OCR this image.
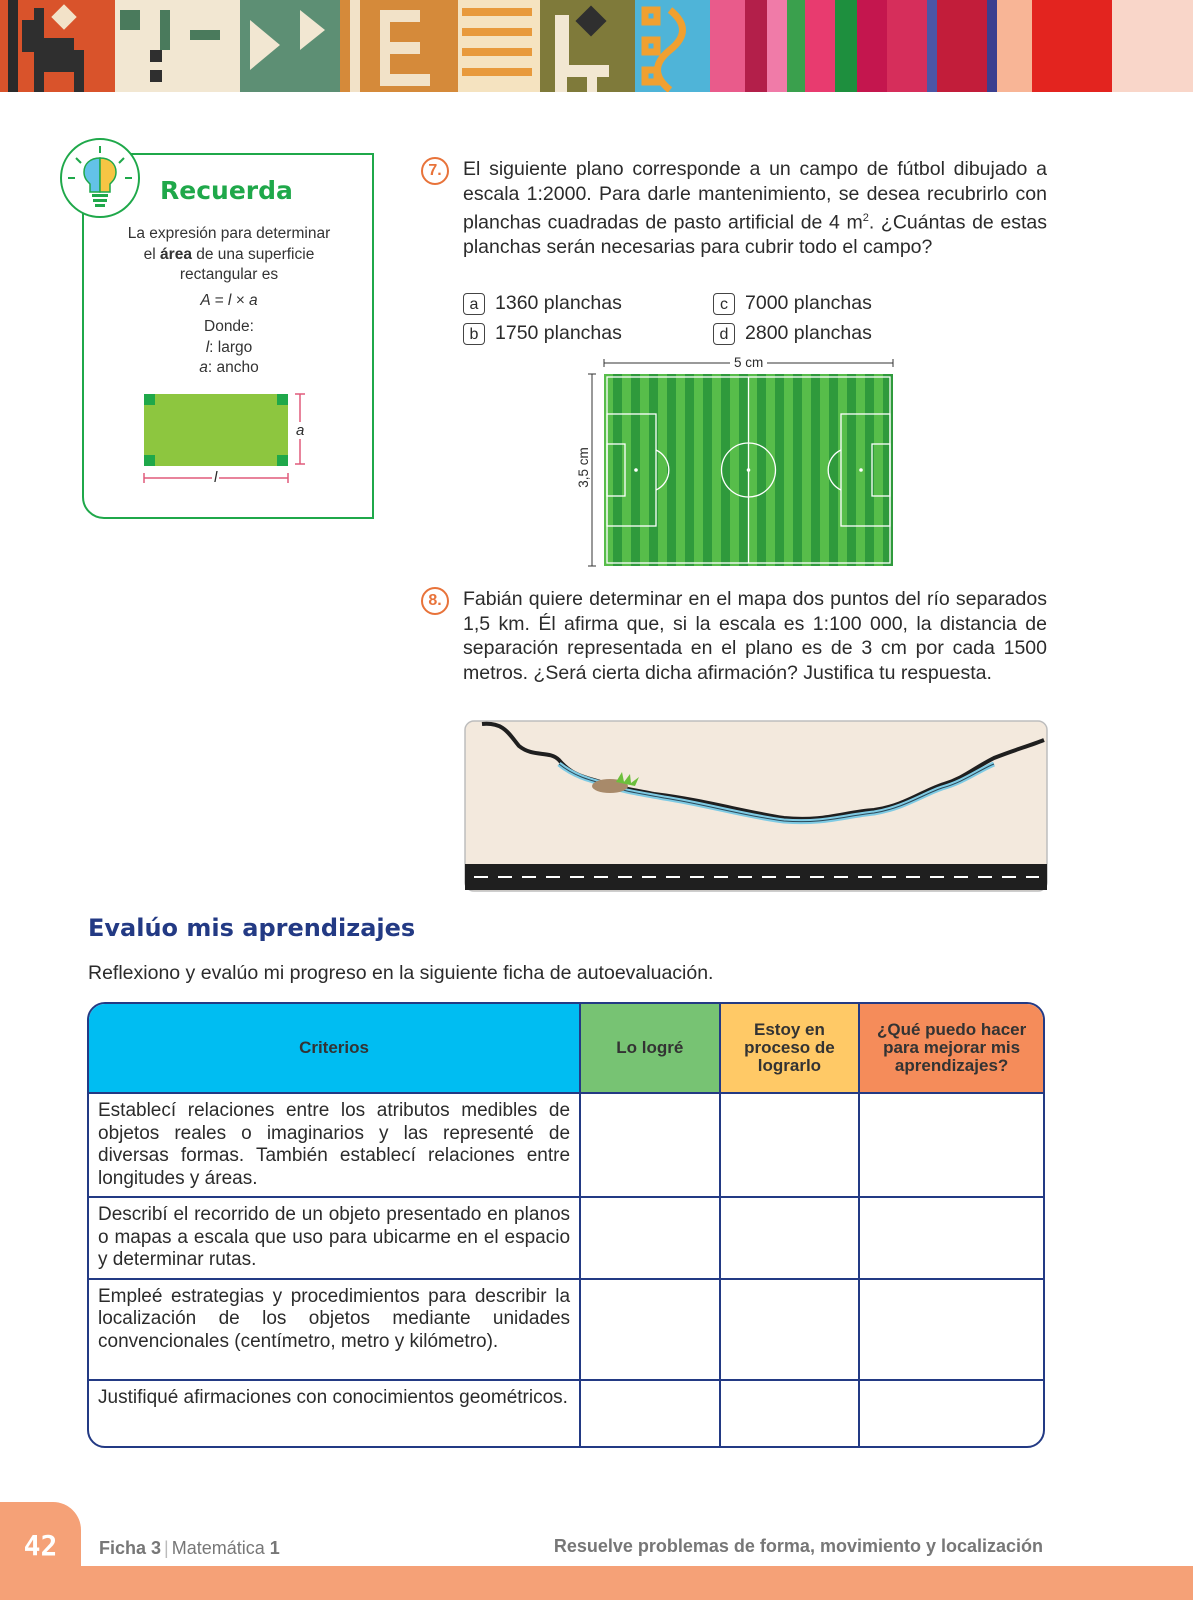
Recuerda

La expresión para determinar

el área de una superficie

rectangular es

A = l × a

Donde:

l: largo

a: ancho

a
l
7.	El siguiente plano corresponde a un campo de fútbol dibujado a escala 1:2000. Para darle mantenimiento, se desea recubrirlo con planchas cuadradas de pasto artificial de 4 $m^2$. ¿Cuántas de estas planchas serán necesarias para cubrir todo el campo?
a 1360 planchas	c 7000 planchas
b 1750 planchas	d 2800 planchas
5 cm
3,5 cm
8.	Fabián quiere determinar en el mapa dos puntos del río separados 1,5 km. Él afirma que, si la escala es 1:100 000, la distancia de separación representada en el plano es de 3 cm por cada 1500 metros. ¿Será cierta dicha afirmación? Justifica tu respuesta.
Evalúo mis aprendizajes
Reflexiono y evalúo mi progreso en la siguiente ficha de autoevaluación.
Criterios	Lo logré	Estoy en proceso de lograrlo	¿Qué puedo hacer para mejorar mis aprendizajes?
Establecí relaciones entre los atributos medibles de objetos reales o imaginarios y las representé de diversas formas. También establecí relaciones entre longitudes y áreas.			
Describí el recorrido de un objeto presentado en planos o mapas a escala que uso para ubicarme en el espacio y determinar rutas.			
Empleé estrategias y procedimientos para describir la localización de los objetos mediante unidades convencionales (centímetro, metro y kilómetro).			
Justifiqué afirmaciones con conocimientos geométricos.			
42	Ficha 3 | Matemática 1	Resuelve problemas de forma, movimiento y localización
